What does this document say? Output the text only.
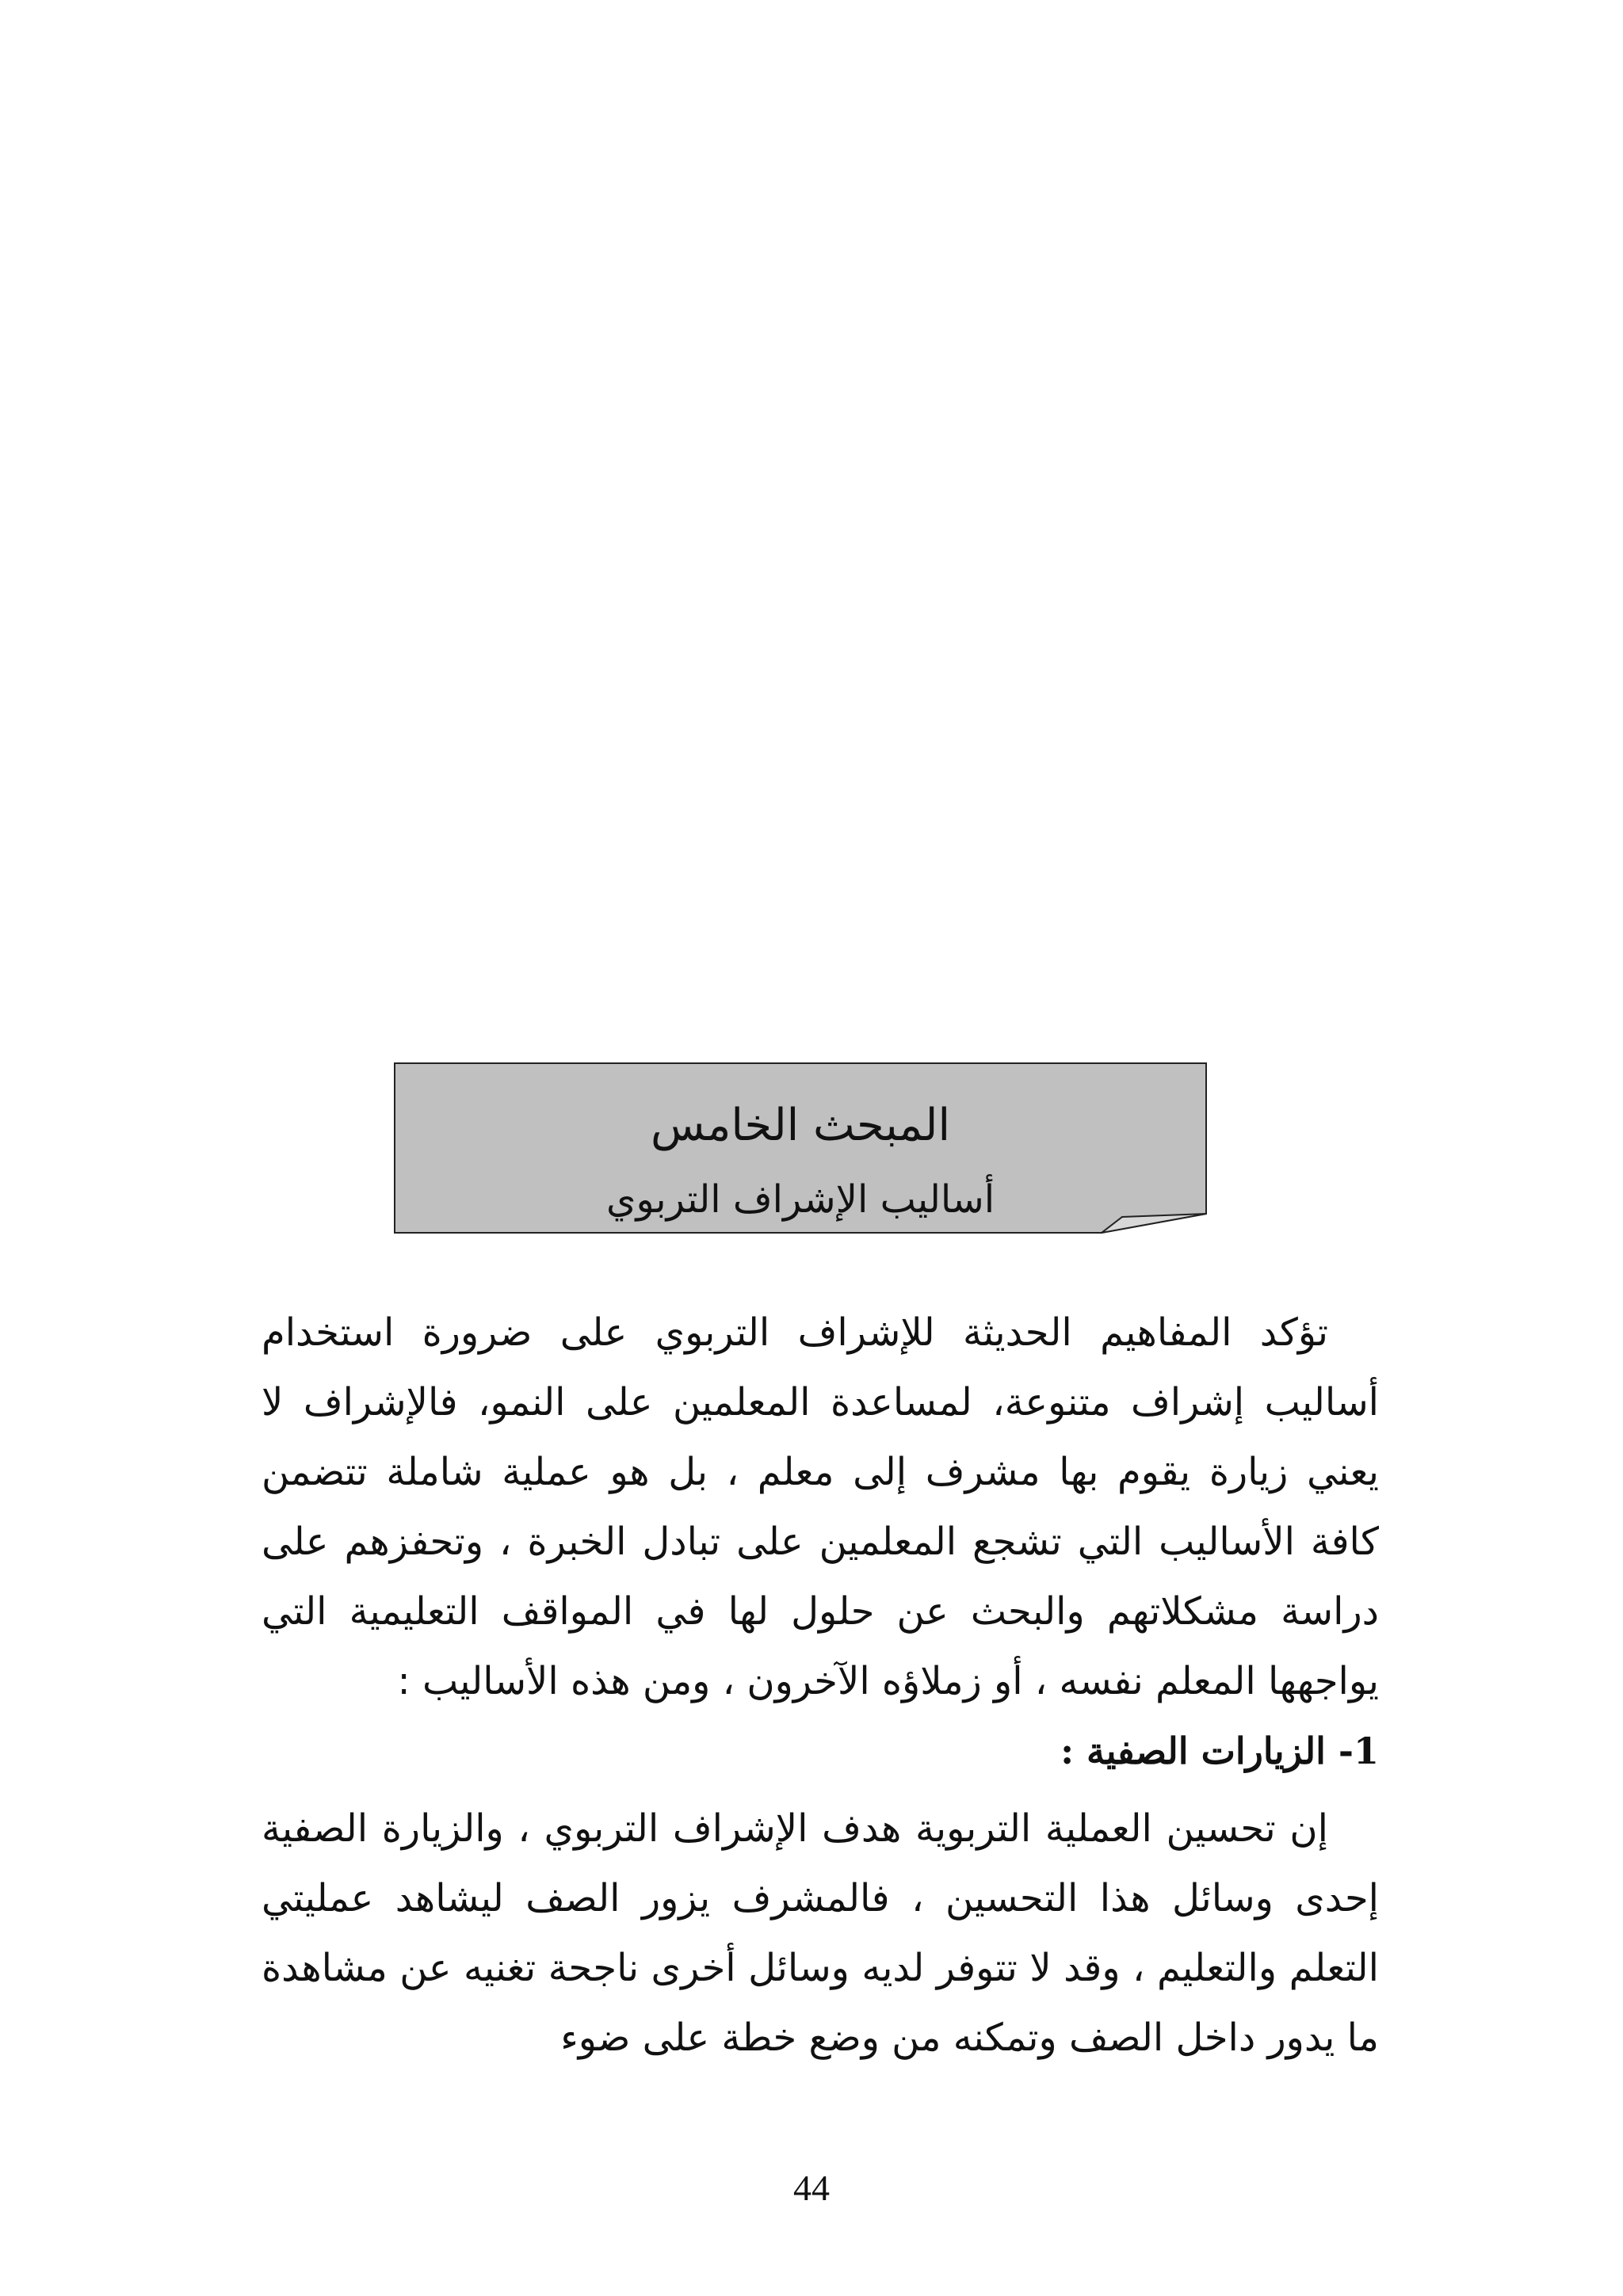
المبحث الخامس
أساليب الإشراف التربوي

تؤكد المفاهيم الحديثة للإشراف التربوي على ضرورة استخدام أساليب إشراف متنوعة، لمساعدة المعلمين على النمو، فالإشراف لا يعني زيارة يقوم بها مشرف إلى معلم ، بل هو عملية شاملة تتضمن كافة الأساليب التي تشجع المعلمين على تبادل الخبرة ، وتحفزهم على دراسة مشكلاتهم والبحث عن حلول لها في المواقف التعليمية التي يواجهها المعلم نفسه ، أو زملاؤه الآخرون ، ومن هذه الأساليب :

1- الزيارات الصفية :

إن تحسين العملية التربوية هدف الإشراف التربوي ، والزيارة الصفية إحدى وسائل هذا التحسين ، فالمشرف يزور الصف ليشاهد عمليتي التعلم والتعليم ، وقد لا تتوفر لديه وسائل أخرى ناجحة تغنيه عن مشاهدة ما يدور داخل الصف وتمكنه من وضع خطة على ضوء

44
